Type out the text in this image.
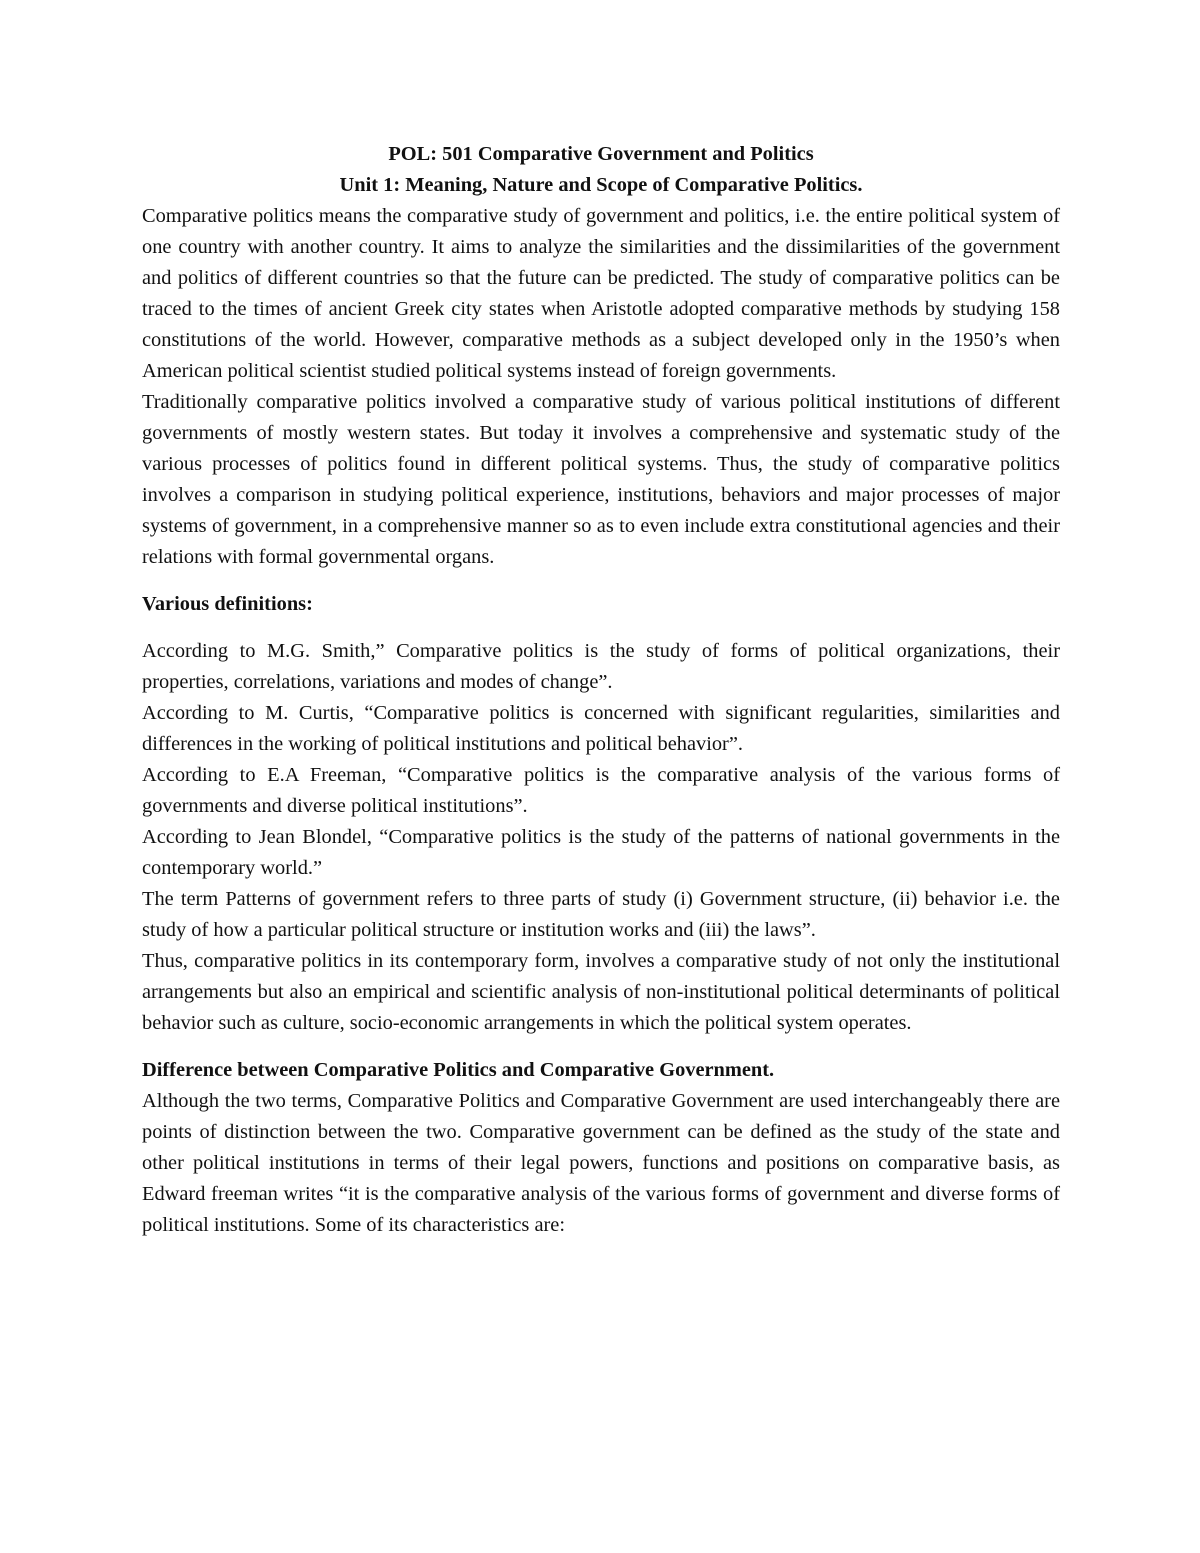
POL: 501 Comparative Government and Politics

Unit 1: Meaning, Nature and Scope of Comparative Politics.

Comparative politics means the comparative study of government and politics, i.e. the entire political system of one country with another country. It aims to analyze the similarities and the dissimilarities of the government and politics of different countries so that the future can be predicted. The study of comparative politics can be traced to the times of ancient Greek city states when Aristotle adopted comparative methods by studying 158 constitutions of the world. However, comparative methods as a subject developed only in the 1950’s when American political scientist studied political systems instead of foreign governments.

Traditionally comparative politics involved a comparative study of various political institutions of different governments of mostly western states. But today it involves a comprehensive and systematic study of the various processes of politics found in different political systems. Thus, the study of comparative politics involves a comparison in studying political experience, institutions, behaviors and major processes of major systems of government, in a comprehensive manner so as to even include extra constitutional agencies and their relations with formal governmental organs.

Various definitions:

According to M.G. Smith,” Comparative politics is the study of forms of political organizations, their properties, correlations, variations and modes of change”.

According to M. Curtis, “Comparative politics is concerned with significant regularities, similarities and differences in the working of political institutions and political behavior”.

According to E.A Freeman, “Comparative politics is the comparative analysis of the various forms of governments and diverse political institutions”.

According to Jean Blondel, “Comparative politics is the study of the patterns of national governments in the contemporary world.”

The term Patterns of government refers to three parts of study (i) Government structure, (ii) behavior i.e. the study of how a particular political structure or institution works and (iii) the laws”.

Thus, comparative politics in its contemporary form, involves a comparative study of not only the institutional arrangements but also an empirical and scientific analysis of non-institutional political determinants of political behavior such as culture, socio-economic arrangements in which the political system operates.

Difference between Comparative Politics and Comparative Government.

Although the two terms, Comparative Politics and Comparative Government are used interchangeably there are points of distinction between the two. Comparative government can be defined as the study of the state and other political institutions in terms of their legal powers, functions and positions on comparative basis, as Edward freeman writes “it is the comparative analysis of the various forms of government and diverse forms of political institutions. Some of its characteristics are:
